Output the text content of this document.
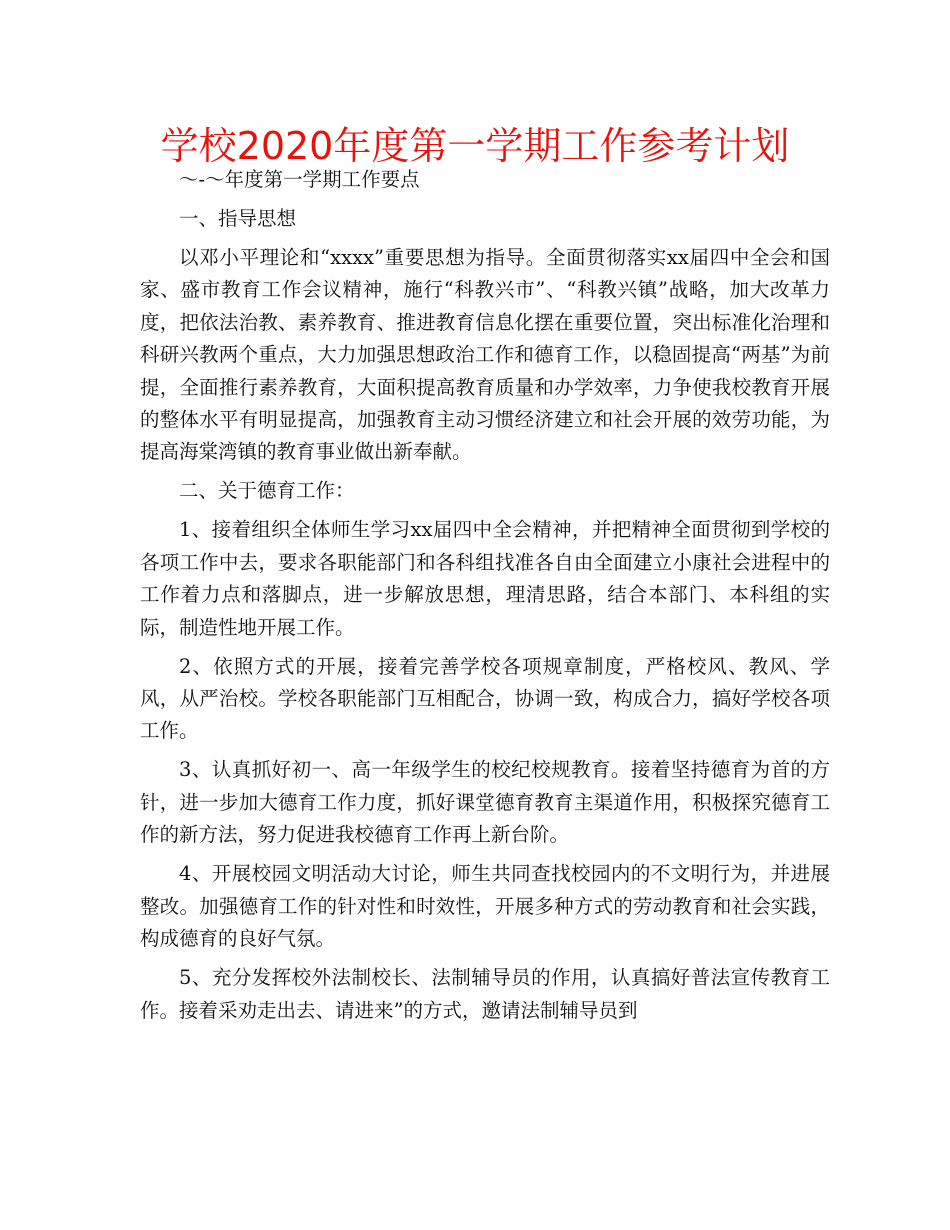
学校2020年度第一学期工作参考计划

～-～年度第一学期工作要点

一、指导思想

以邓小平理论和“xxxx”重要思想为指导。全面贯彻落实xx届四中全会和国家、盛市教育工作会议精神，施行“科教兴市”、“科教兴镇”战略，加大改革力度，把依法治教、素养教育、推进教育信息化摆在重要位置，突出标准化治理和科研兴教两个重点，大力加强思想政治工作和德育工作，以稳固提高“两基”为前提，全面推行素养教育，大面积提高教育质量和办学效率，力争使我校教育开展的整体水平有明显提高，加强教育主动习惯经济建立和社会开展的效劳功能，为提高海棠湾镇的教育事业做出新奉献。

二、关于德育工作：

1、接着组织全体师生学习xx届四中全会精神，并把精神全面贯彻到学校的各项工作中去，要求各职能部门和各科组找准各自由全面建立小康社会进程中的工作着力点和落脚点，进一步解放思想，理清思路，结合本部门、本科组的实际，制造性地开展工作。

2、依照方式的开展，接着完善学校各项规章制度，严格校风、教风、学风，从严治校。学校各职能部门互相配合，协调一致，构成合力，搞好学校各项工作。

3、认真抓好初一、高一年级学生的校纪校规教育。接着坚持德育为首的方针，进一步加大德育工作力度，抓好课堂德育教育主渠道作用，积极探究德育工作的新方法，努力促进我校德育工作再上新台阶。

4、开展校园文明活动大讨论，师生共同查找校园内的不文明行为，并进展整改。加强德育工作的针对性和时效性，开展多种方式的劳动教育和社会实践，构成德育的良好气氛。

5、充分发挥校外法制校长、法制辅导员的作用，认真搞好普法宣传教育工作。接着采劝走出去、请进来”的方式，邀请法制辅导员到
